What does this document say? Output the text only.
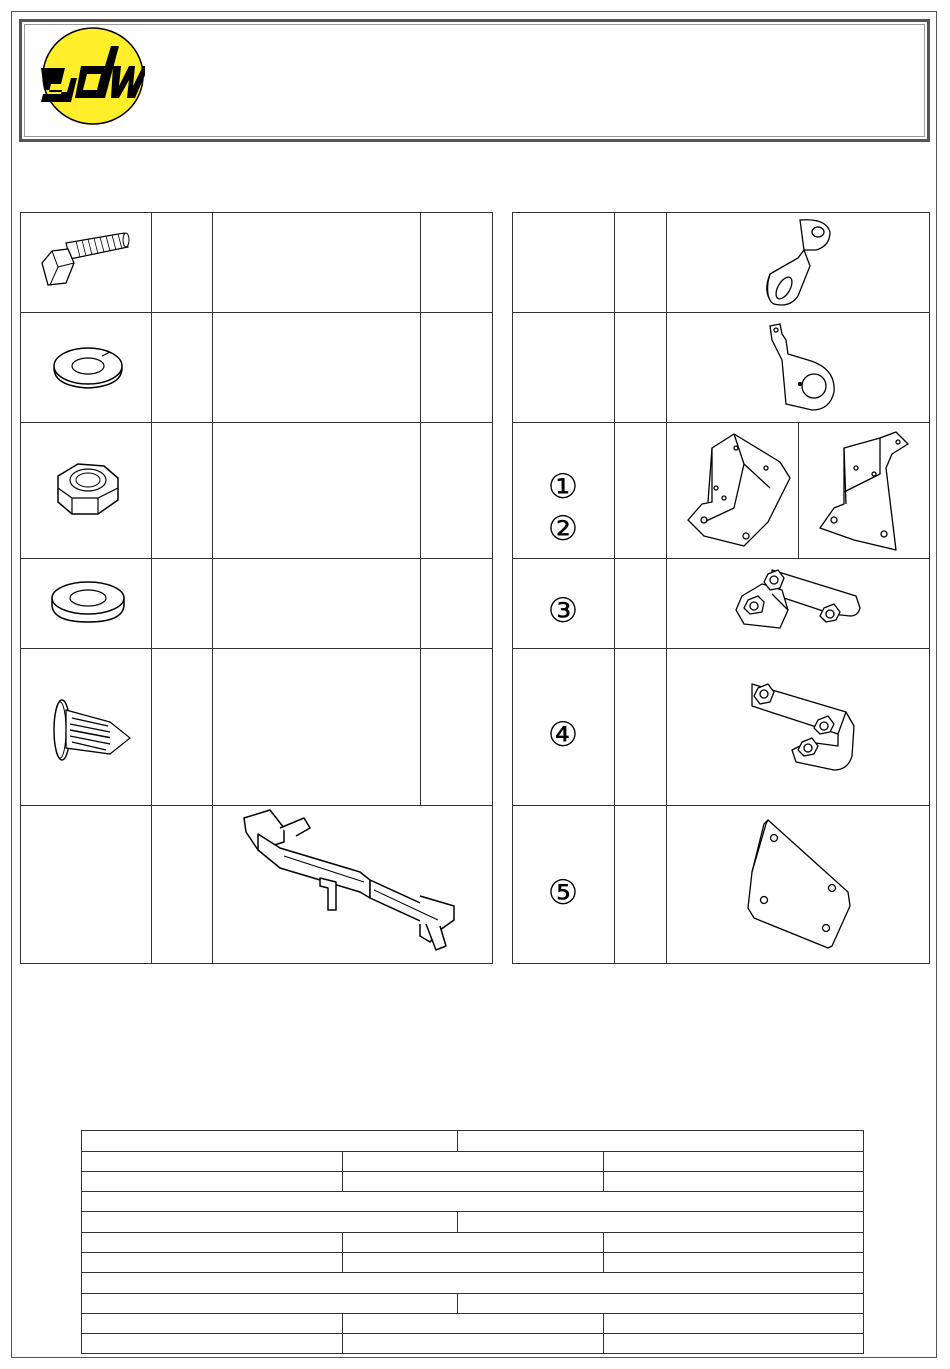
①
②
③
④
⑤
